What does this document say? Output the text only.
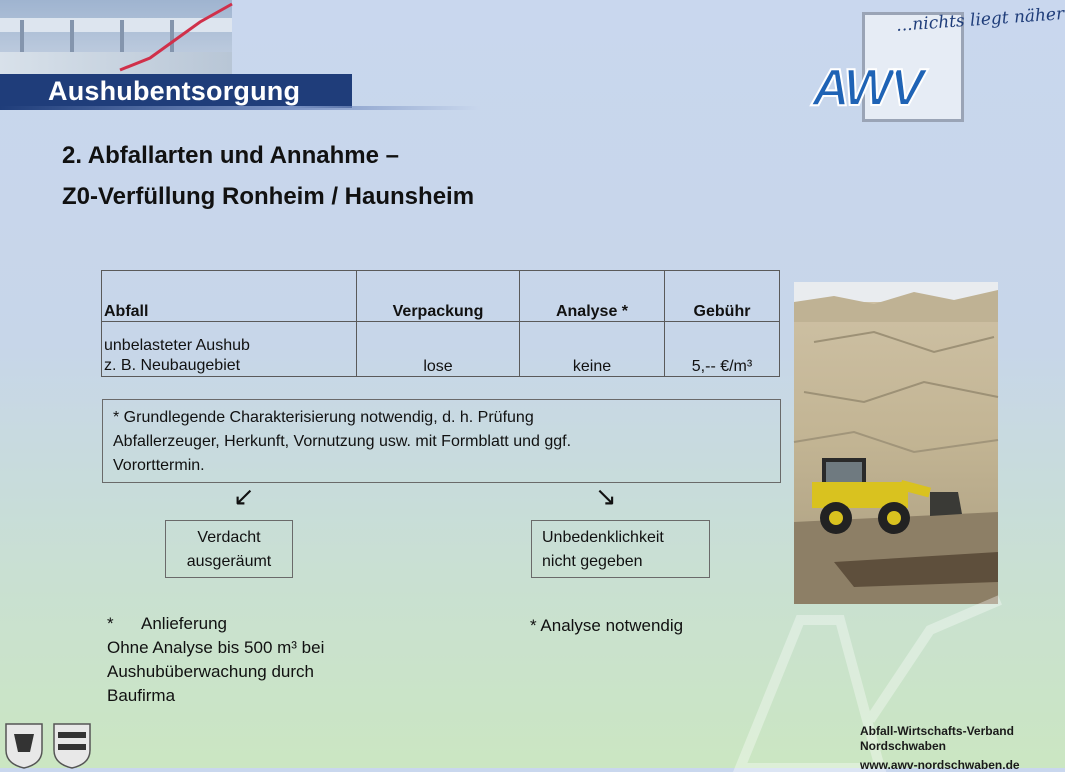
Aushubentsorgung
...nichts liegt näher
AWV
2. Abfallarten und Annahme –
Z0-Verfüllung Ronheim / Haunsheim
Abfall	Verpackung	Analyse *	Gebühr

unbelasteter Aushub
z. B. Neubaugebiet	lose	keine	5,-- €/m³
* Grundlegende Charakterisierung notwendig, d. h. Prüfung
Abfallerzeuger, Herkunft, Vornutzung usw. mit Formblatt und ggf.
Vororttermin.
↙	↘
Verdacht
ausgeräumt
Unbedenklichkeit
nicht gegeben
* Anlieferung
Ohne Analyse bis 500 m³ bei
Aushubüberwachung durch
Baufirma
* Analyse notwendig
Abfall-Wirtschafts-Verband
Nordschwaben
www.awv-nordschwaben.de
